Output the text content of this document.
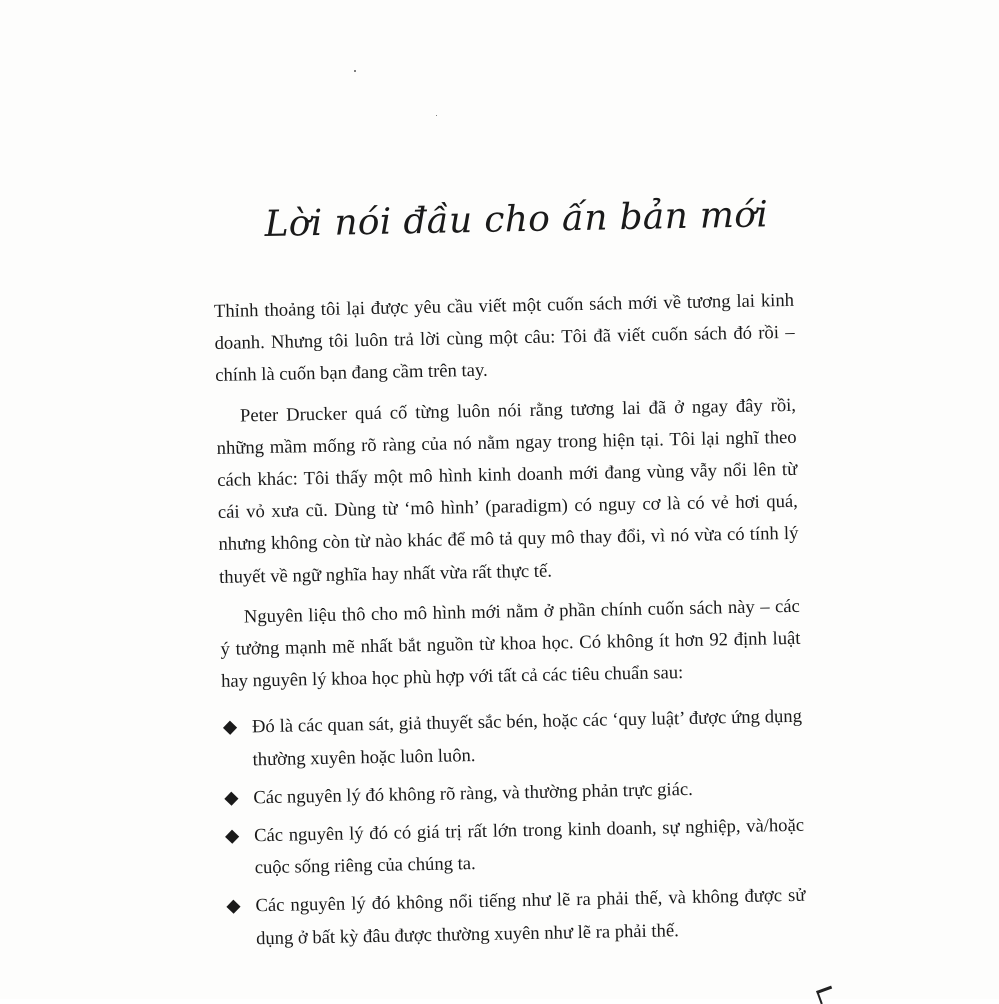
Lời nói đầu cho ấn bản mới

Thỉnh thoảng tôi lại được yêu cầu viết một cuốn sách mới về tương lai kinh doanh. Nhưng tôi luôn trả lời cùng một câu: Tôi đã viết cuốn sách đó rồi – chính là cuốn bạn đang cầm trên tay.

Peter Drucker quá cố từng luôn nói rằng tương lai đã ở ngay đây rồi, những mầm mống rõ ràng của nó nằm ngay trong hiện tại. Tôi lại nghĩ theo cách khác: Tôi thấy một mô hình kinh doanh mới đang vùng vẫy nổi lên từ cái vỏ xưa cũ. Dùng từ ‘mô hình’ (paradigm) có nguy cơ là có vẻ hơi quá, nhưng không còn từ nào khác để mô tả quy mô thay đổi, vì nó vừa có tính lý thuyết về ngữ nghĩa hay nhất vừa rất thực tế.

Nguyên liệu thô cho mô hình mới nằm ở phần chính cuốn sách này – các ý tưởng mạnh mẽ nhất bắt nguồn từ khoa học. Có không ít hơn 92 định luật hay nguyên lý khoa học phù hợp với tất cả các tiêu chuẩn sau:

Đó là các quan sát, giả thuyết sắc bén, hoặc các ‘quy luật’ được ứng dụng thường xuyên hoặc luôn luôn.
Các nguyên lý đó không rõ ràng, và thường phản trực giác.
Các nguyên lý đó có giá trị rất lớn trong kinh doanh, sự nghiệp, và/hoặc cuộc sống riêng của chúng ta.
Các nguyên lý đó không nổi tiếng như lẽ ra phải thế, và không được sử dụng ở bất kỳ đâu được thường xuyên như lẽ ra phải thế.
